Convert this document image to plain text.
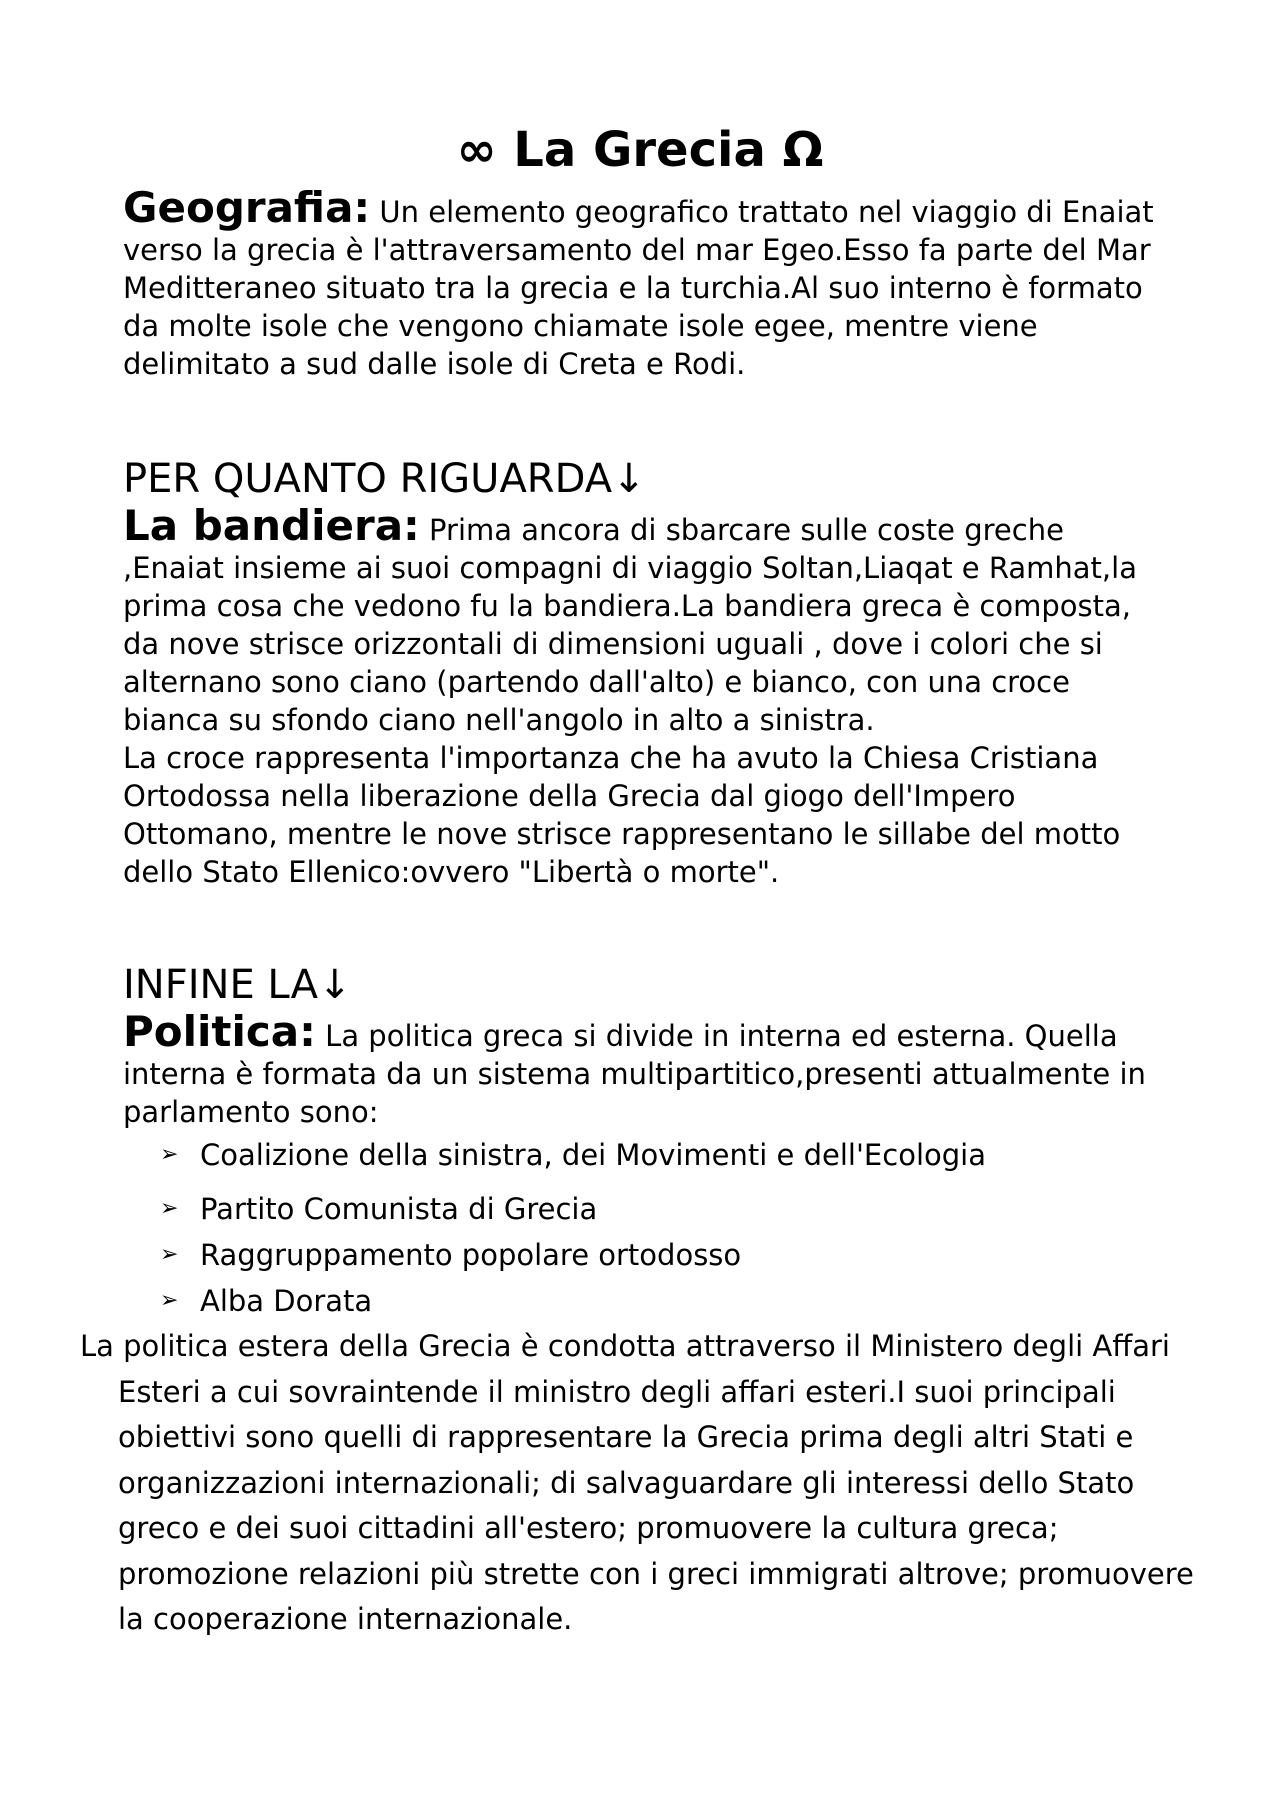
∞ La Grecia Ω

Geografia: Un elemento geografico trattato nel viaggio di Enaiat verso la grecia è l'attraversamento del mar Egeo.Esso fa parte del Mar Meditteraneo situato tra la grecia e la turchia.Al suo interno è formato da molte isole che vengono chiamate isole egee, mentre viene delimitato a sud dalle isole di Creta e Rodi.

PER QUANTO RIGUARDA↓

La bandiera: Prima ancora di sbarcare sulle coste greche ,Enaiat insieme ai suoi compagni di viaggio Soltan,Liaqat e Ramhat,la prima cosa che vedono fu la bandiera.La bandiera greca è composta, da nove strisce orizzontali di dimensioni uguali , dove i colori che si alternano sono ciano (partendo dall'alto) e bianco, con una croce bianca su sfondo ciano nell'angolo in alto a sinistra.
La croce rappresenta l'importanza che ha avuto la Chiesa Cristiana Ortodossa nella liberazione della Grecia dal giogo dell'Impero Ottomano, mentre le nove strisce rappresentano le sillabe del motto dello Stato Ellenico:ovvero "Libertà o morte".

INFINE LA↓

Politica: La politica greca si divide in interna ed esterna. Quella interna è formata da un sistema multipartitico,presenti attualmente in parlamento sono:

➢ Coalizione della sinistra, dei Movimenti e dell'Ecologia
➢ Partito Comunista di Grecia
➢ Raggruppamento popolare ortodosso
➢ Alba Dorata

La politica estera della Grecia è condotta attraverso il Ministero degli Affari Esteri a cui sovraintende il ministro degli affari esteri.I suoi principali obiettivi sono quelli di rappresentare la Grecia prima degli altri Stati e organizzazioni internazionali; di salvaguardare gli interessi dello Stato greco e dei suoi cittadini all'estero; promuovere la cultura greca; promozione relazioni più strette con i greci immigrati altrove; promuovere la cooperazione internazionale.
